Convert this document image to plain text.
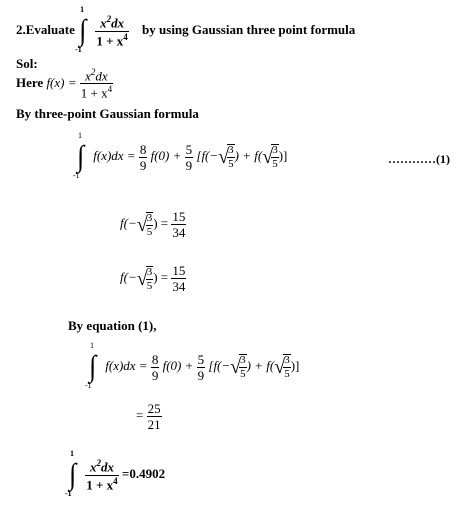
2.Evaluate
1
∫
-1

$\frac{x^2dx}{1 + x^4}$ by using Gaussian three point formula
Sol:
Here $f(x) = \frac{x^2dx}{1 + x^4}$
By three-point Gaussian formula
1
∫
-1
$f(x)dx = \frac{8}{9} f(0) + \frac{5}{9} [f(-$ √
$\frac{3}{5}$ ) + f( √
$\frac{3}{5}$ )]	…………(1)
f(− √
$\frac{3}{5}$ ) = $\frac{15}{34}$
f(− √
$\frac{3}{5}$ ) = $\frac{15}{34}$
By equation (1),
1
∫
-1
$f(x)dx = \frac{8}{9} f(0) + \frac{5}{9} [f(-$ √
$\frac{3}{5}$ ) + f( √
$\frac{3}{5}$ )]
= $\frac{25}{21}$
1
∫
-1

$\frac{x^2dx}{1 + x^4} =0.4902$
